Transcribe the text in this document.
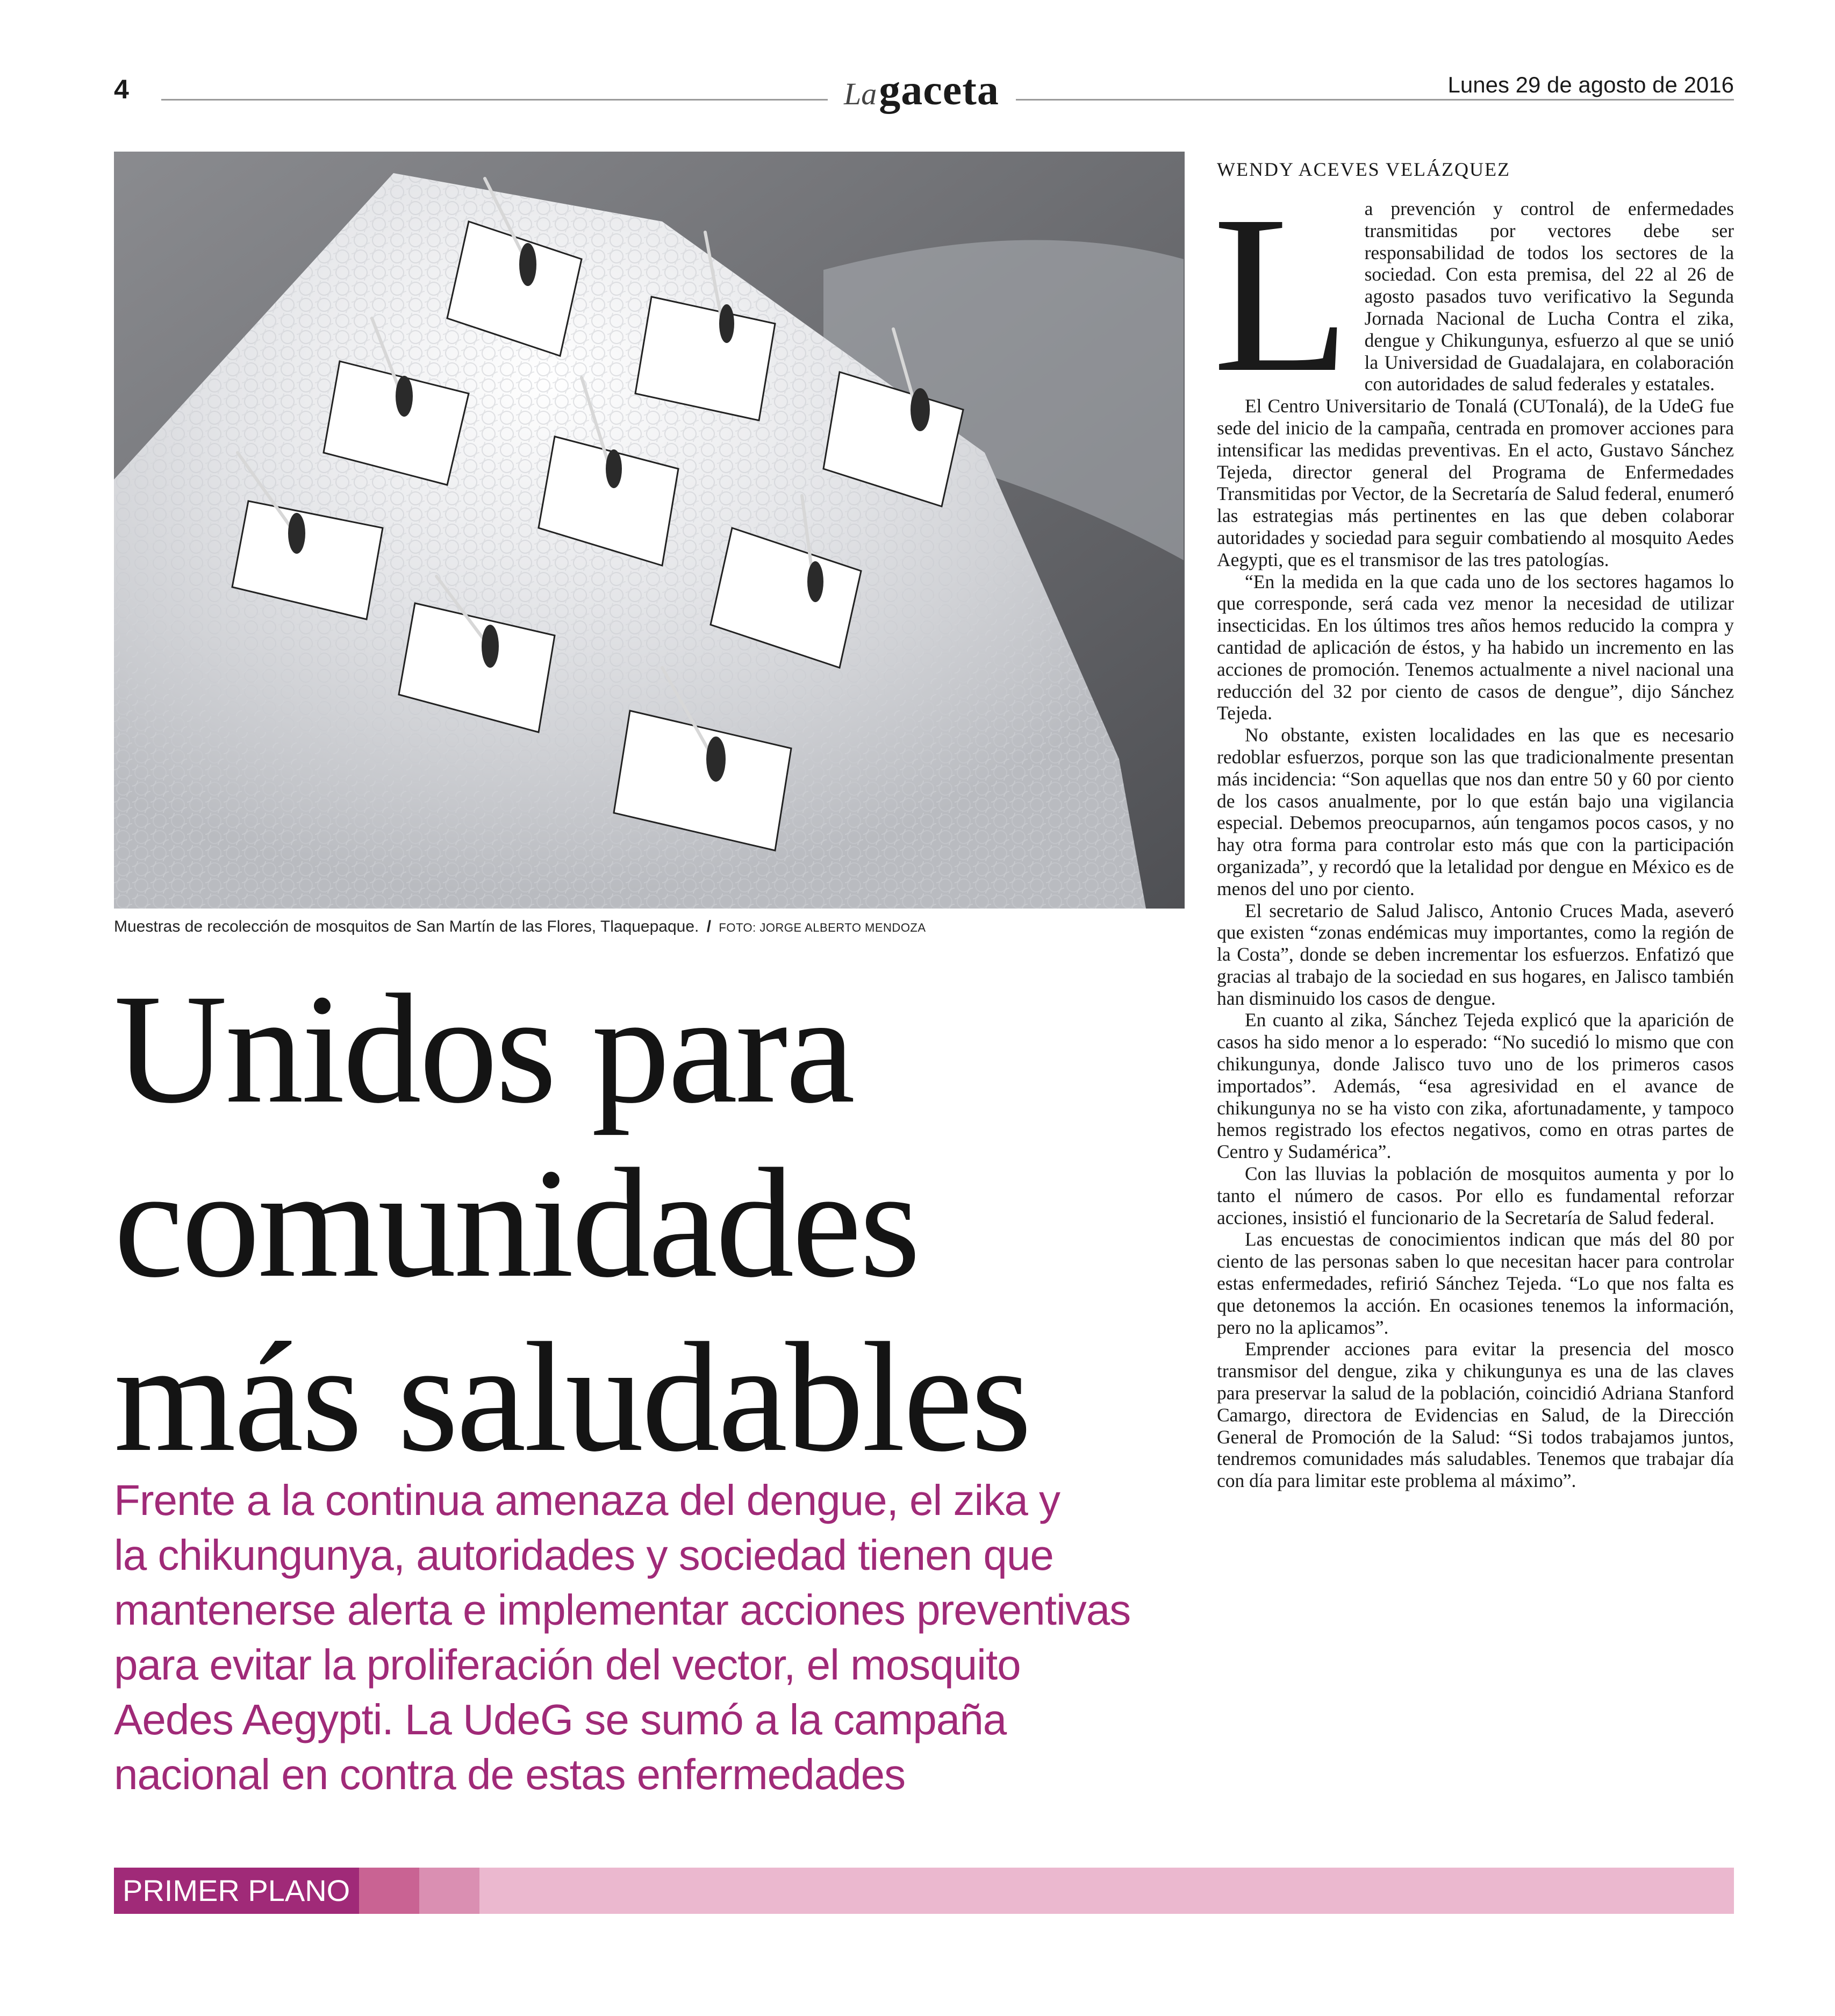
4	La gaceta	Lunes 29 de agosto de 2016
Muestras de recolección de mosquitos de San Martín de las Flores, Tlaquepaque. / FOTO: JORGE ALBERTO MENDOZA
Unidos para
comunidades
más saludables
Frente a la continua amenaza del dengue, el zika y
la chikungunya, autoridades y sociedad tienen que
mantenerse alerta e implementar acciones preventivas
para evitar la proliferación del vector, el mosquito
Aedes Aegypti. La UdeG se sumó a la campaña
nacional en contra de estas enfermedades
WENDY ACEVES VELÁZQUEZ

La prevención y control de enfermedades transmitidas por vectores debe ser responsabilidad de todos los sectores de la sociedad. Con esta premisa, del 22 al 26 de agosto pasados tuvo verificativo la Segunda Jornada Nacional de Lucha Contra el zika, dengue y Chikungunya, esfuerzo al que se unió la Universidad de Guadalajara, en colaboración con autoridades de salud federales y estatales.

El Centro Universitario de Tonalá (CUTonalá), de la UdeG fue sede del inicio de la campaña, centrada en promover acciones para intensificar las medidas preventivas. En el acto, Gustavo Sánchez Tejeda, director general del Programa de Enfermedades Transmitidas por Vector, de la Secretaría de Salud federal, enumeró las estrategias más pertinentes en las que deben colaborar autoridades y sociedad para seguir combatiendo al mosquito Aedes Aegypti, que es el transmisor de las tres patologías.

“En la medida en la que cada uno de los sectores hagamos lo que corresponde, será cada vez menor la necesidad de utilizar insecticidas. En los últimos tres años hemos reducido la compra y cantidad de aplicación de éstos, y ha habido un incremento en las acciones de promoción. Tenemos actualmente a nivel nacional una reducción del 32 por ciento de casos de dengue”, dijo Sánchez Tejeda.

No obstante, existen localidades en las que es necesario redoblar esfuerzos, porque son las que tradicionalmente presentan más incidencia: “Son aquellas que nos dan entre 50 y 60 por ciento de los casos anualmente, por lo que están bajo una vigilancia especial. Debemos preocuparnos, aún tengamos pocos casos, y no hay otra forma para controlar esto más que con la participación organizada”, y recordó que la letalidad por dengue en México es de menos del uno por ciento.

El secretario de Salud Jalisco, Antonio Cruces Mada, aseveró que existen “zonas endémicas muy importantes, como la región de la Costa”, donde se deben incrementar los esfuerzos. Enfatizó que gracias al trabajo de la sociedad en sus hogares, en Jalisco también han disminuido los casos de dengue.

En cuanto al zika, Sánchez Tejeda explicó que la aparición de casos ha sido menor a lo esperado: “No sucedió lo mismo que con chikungunya, donde Jalisco tuvo uno de los primeros casos importados”. Además, “esa agresividad en el avance de chikungunya no se ha visto con zika, afortunadamente, y tampoco hemos registrado los efectos negativos, como en otras partes de Centro y Sudamérica”.

Con las lluvias la población de mosquitos aumenta y por lo tanto el número de casos. Por ello es fundamental reforzar acciones, insistió el funcionario de la Secretaría de Salud federal.

Las encuestas de conocimientos indican que más del 80 por ciento de las personas saben lo que necesitan hacer para controlar estas enfermedades, refirió Sánchez Tejeda. “Lo que nos falta es que detonemos la acción. En ocasiones tenemos la información, pero no la aplicamos”.

Emprender acciones para evitar la presencia del mosco transmisor del dengue, zika y chikungunya es una de las claves para preservar la salud de la población, coincidió Adriana Stanford Camargo, directora de Evidencias en Salud, de la Dirección General de Promoción de la Salud: “Si todos trabajamos juntos, tendremos comunidades más saludables. Tenemos que trabajar día con día para limitar este problema al máximo”.

PRIMER PLANO
